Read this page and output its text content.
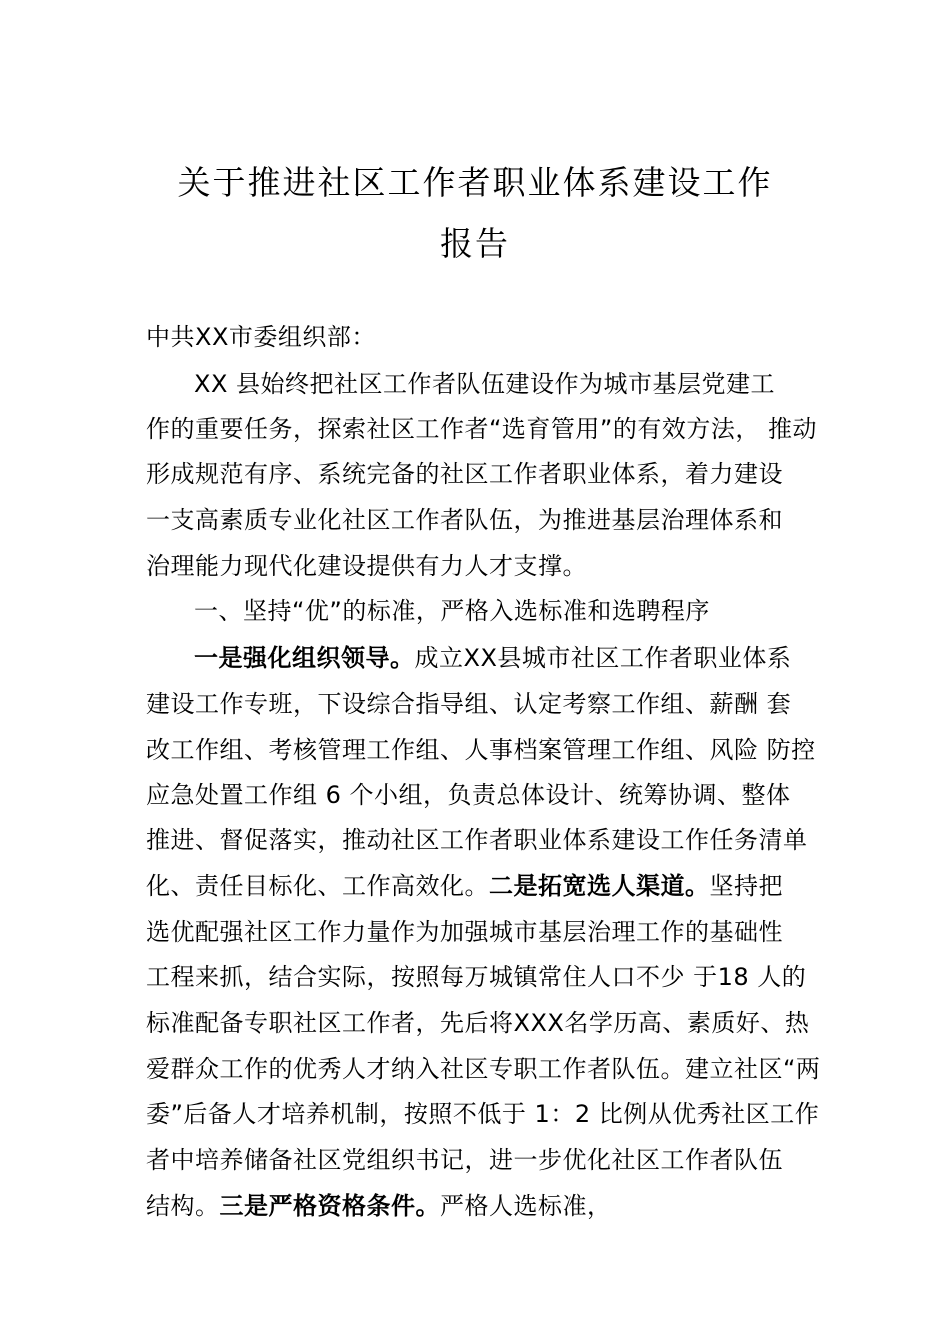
关于推进社区工作者职业体系建设工作
报告
中共XX市委组织部：
XX 县始终把社区工作者队伍建设作为城市基层党建工
作的重要任务，探索社区工作者“选育管用”的有效方法， 推动
形成规范有序、系统完备的社区工作者职业体系，着力建设
一支高素质专业化社区工作者队伍，为推进基层治理体系和
治理能力现代化建设提供有力人才支撑。
一、坚持“优”的标准，严格入选标准和选聘程序
一是强化组织领导。成立XX县城市社区工作者职业体系
建设工作专班，下设综合指导组、认定考察工作组、薪酬 套
改工作组、考核管理工作组、人事档案管理工作组、风险 防控
应急处置工作组 6 个小组，负责总体设计、统筹协调、整体
推进、督促落实，推动社区工作者职业体系建设工作任务清单
化、责任目标化、工作高效化。二是拓宽选人渠道。坚持把
选优配强社区工作力量作为加强城市基层治理工作的基础性
工程来抓，结合实际，按照每万城镇常住人口不少 于18 人的
标准配备专职社区工作者，先后将XXX名学历高、素质好、热
爱群众工作的优秀人才纳入社区专职工作者队伍。建立社区“两
委”后备人才培养机制，按照不低于 1：2 比例从优秀社区工作
者中培养储备社区党组织书记，进一步优化社区工作者队伍
结构。三是严格资格条件。严格人选标准，
